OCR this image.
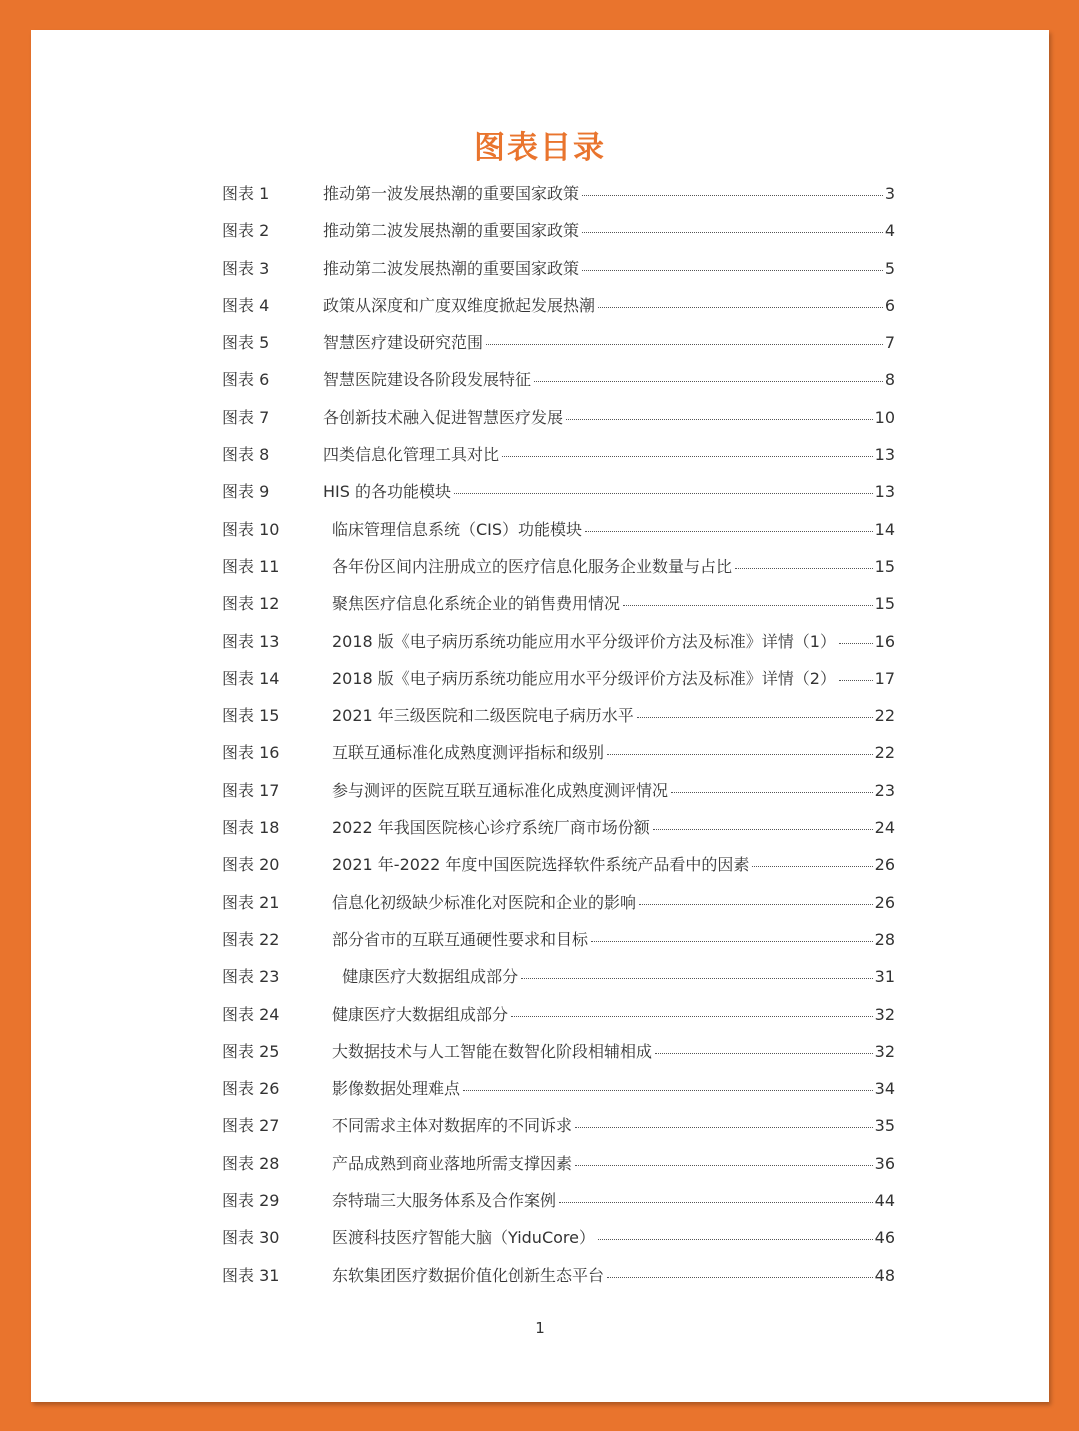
图表目录
图表 1	推动第一波发展热潮的重要国家政策	3
图表 2	推动第二波发展热潮的重要国家政策	4
图表 3	推动第二波发展热潮的重要国家政策	5
图表 4	政策从深度和广度双维度掀起发展热潮	6
图表 5	智慧医疗建设研究范围	7
图表 6	智慧医院建设各阶段发展特征	8
图表 7	各创新技术融入促进智慧医疗发展	10
图表 8	四类信息化管理工具对比	13
图表 9	HIS 的各功能模块	13
图表 10	临床管理信息系统（CIS）功能模块	14
图表 11	各年份区间内注册成立的医疗信息化服务企业数量与占比	15
图表 12	聚焦医疗信息化系统企业的销售费用情况	15
图表 13	2018 版《电子病历系统功能应用水平分级评价方法及标准》详情（1） 16
图表 14	2018 版《电子病历系统功能应用水平分级评价方法及标准》详情（2） 17
图表 15	2021 年三级医院和二级医院电子病历水平	22
图表 16	互联互通标准化成熟度测评指标和级别	22
图表 17	参与测评的医院互联互通标准化成熟度测评情况	23
图表 18	2022 年我国医院核心诊疗系统厂商市场份额	24
图表 20	2021 年-2022 年度中国医院选择软件系统产品看中的因素	26
图表 21	信息化初级缺少标准化对医院和企业的影响	26
图表 22	部分省市的互联互通硬性要求和目标	28
图表 23	健康医疗大数据组成部分	31
图表 24	健康医疗大数据组成部分	32
图表 25	大数据技术与人工智能在数智化阶段相辅相成	32
图表 26	影像数据处理难点	34
图表 27	不同需求主体对数据库的不同诉求	35
图表 28	产品成熟到商业落地所需支撑因素	36
图表 29	奈特瑞三大服务体系及合作案例	44
图表 30	医渡科技医疗智能大脑（YiduCore）	46
图表 31	东软集团医疗数据价值化创新生态平台	48
1
